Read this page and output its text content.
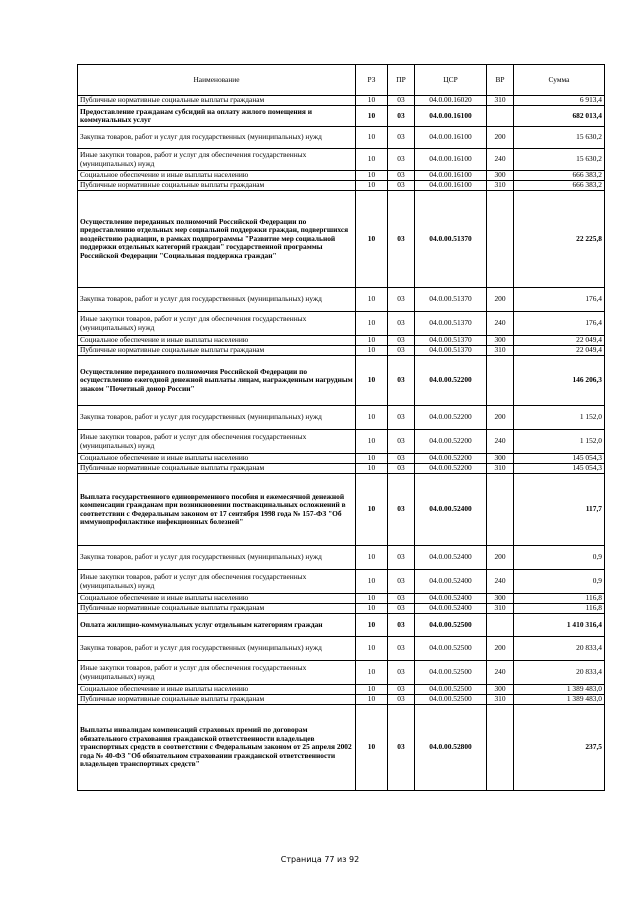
Наименование	РЗ	ПР	ЦСР	ВР	Сумма
Публичные нормативные социальные выплаты гражданам	10	03	04.0.00.16020	310	6 913,4
Предоставление гражданам субсидий на оплату жилого помещения и коммунальных услуг	10	03	04.0.00.16100		682 013,4
Закупка товаров, работ и услуг для государственных (муниципальных) нужд	10	03	04.0.00.16100	200	15 630,2
Иные закупки товаров, работ и услуг для обеспечения государственных (муниципальных) нужд	10	03	04.0.00.16100	240	15 630,2
Социальное обеспечение и иные выплаты населению	10	03	04.0.00.16100	300	666 383,2
Публичные нормативные социальные выплаты гражданам	10	03	04.0.00.16100	310	666 383,2
Осуществление переданных полномочий Российской Федерации по предоставлению отдельных мер социальной поддержки граждан, подвергшихся воздействию радиации, в рамках подпрограммы "Развитие мер социальной поддержки отдельных категорий граждан" государственной программы Российской Федерации "Социальная поддержка граждан"	10	03	04.0.00.51370		22 225,8
Закупка товаров, работ и услуг для государственных (муниципальных) нужд	10	03	04.0.00.51370	200	176,4
Иные закупки товаров, работ и услуг для обеспечения государственных (муниципальных) нужд	10	03	04.0.00.51370	240	176,4
Социальное обеспечение и иные выплаты населению	10	03	04.0.00.51370	300	22 049,4
Публичные нормативные социальные выплаты гражданам	10	03	04.0.00.51370	310	22 049,4
Осуществление переданного полномочия Российской Федерации по осуществлению ежегодной денежной выплаты лицам, награжденным нагрудным знаком "Почетный донор России"	10	03	04.0.00.52200		146 206,3
Закупка товаров, работ и услуг для государственных (муниципальных) нужд	10	03	04.0.00.52200	200	1 152,0
Иные закупки товаров, работ и услуг для обеспечения государственных (муниципальных) нужд	10	03	04.0.00.52200	240	1 152,0
Социальное обеспечение и иные выплаты населению	10	03	04.0.00.52200	300	145 054,3
Публичные нормативные социальные выплаты гражданам	10	03	04.0.00.52200	310	145 054,3
Выплата государственного единовременного пособия и ежемесячной денежной компенсации гражданам при возникновении поствакцинальных осложнений в соответствии с Федеральным законом от 17 сентября 1998 года № 157-ФЗ "Об иммунопрофилактике инфекционных болезней"	10	03	04.0.00.52400		117,7
Закупка товаров, работ и услуг для государственных (муниципальных) нужд	10	03	04.0.00.52400	200	0,9
Иные закупки товаров, работ и услуг для обеспечения государственных (муниципальных) нужд	10	03	04.0.00.52400	240	0,9
Социальное обеспечение и иные выплаты населению	10	03	04.0.00.52400	300	116,8
Публичные нормативные социальные выплаты гражданам	10	03	04.0.00.52400	310	116,8
Оплата жилищно-коммунальных услуг отдельным категориям граждан	10	03	04.0.00.52500		1 410 316,4
Закупка товаров, работ и услуг для государственных (муниципальных) нужд	10	03	04.0.00.52500	200	20 833,4
Иные закупки товаров, работ и услуг для обеспечения государственных (муниципальных) нужд	10	03	04.0.00.52500	240	20 833,4
Социальное обеспечение и иные выплаты населению	10	03	04.0.00.52500	300	1 389 483,0
Публичные нормативные социальные выплаты гражданам	10	03	04.0.00.52500	310	1 389 483,0
Выплаты инвалидам компенсаций страховых премий по договорам обязательного страхования гражданской ответственности владельцев транспортных средств в соответствии с Федеральным законом от 25 апреля 2002 года № 40-ФЗ "Об обязательном страховании гражданской ответственности владельцев транспортных средств"	10	03	04.0.00.52800		237,5
Страница 77 из 92
